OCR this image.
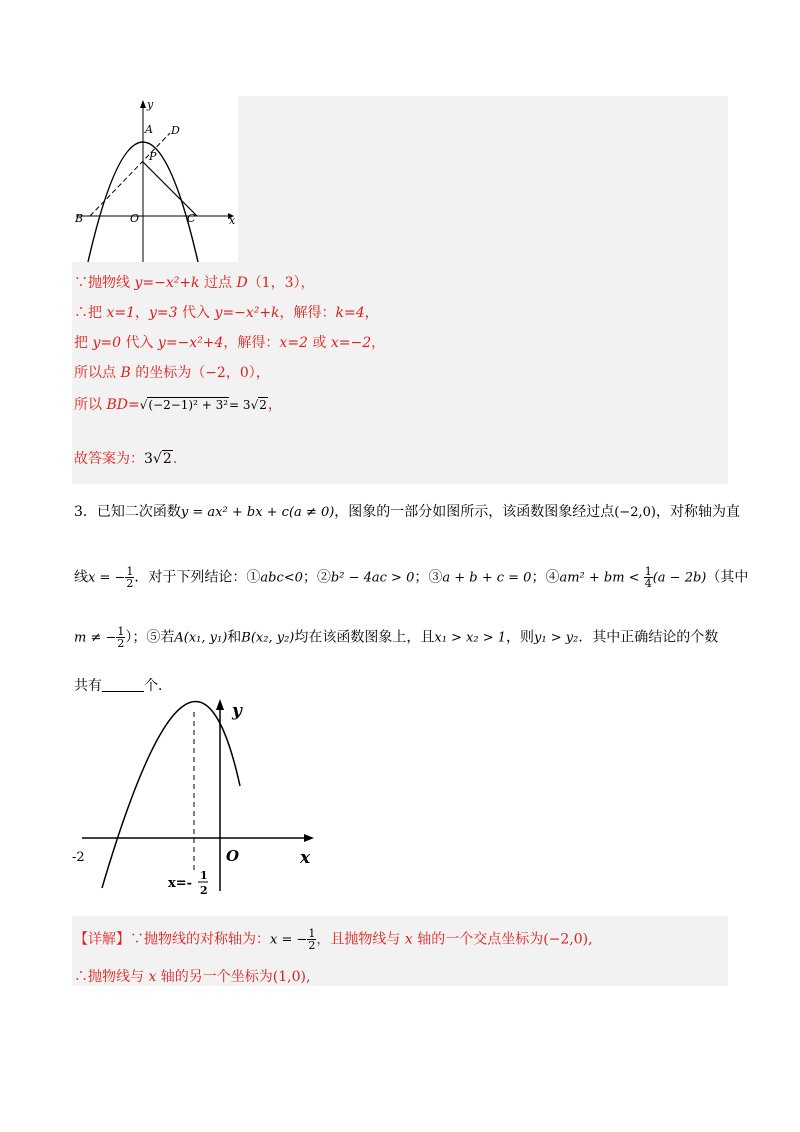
y
x
A D
P
B	O	C
∵抛物线 y=−x²+k 过点 D（1，3），
∴把 x=1，y=3 代入 y=−x²+k，解得：k=4，
把 y=0 代入 y=−x²+4，解得：x=2 或 x=−2，
所以点 B 的坐标为（−2，0），
所以 BD=√(−2−1)² + 3²= 3√2，
故答案为：3√2.
3．已知二次函数y = ax² + bx + c(a ≠ 0)，图象的一部分如图所示，该函数图象经过点(−2,0)，对称轴为直
线x = − $\frac{1}{2}$ ．对于下列结论：①abc<0；②b² − 4ac > 0；③a + b + c = 0；④am² + bm < $\frac{1}{4} (a - 2b)$（其中
m ≠ − $\frac{1}{2}$ ）；⑤若A(x₁, y₁)和B(x₂, y₂)均在该函数图象上，且x₁ > x₂ > 1，则y₁ > y₂．其中正确结论的个数
共有	个．
y
x
O
-2
x=-
1
2
【详解】∵抛物线的对称轴为：x = − $\frac{1}{2}$ ，且抛物线与 x 轴的一个交点坐标为(−2,0),
∴抛物线与 x 轴的另一个坐标为(1,0),
